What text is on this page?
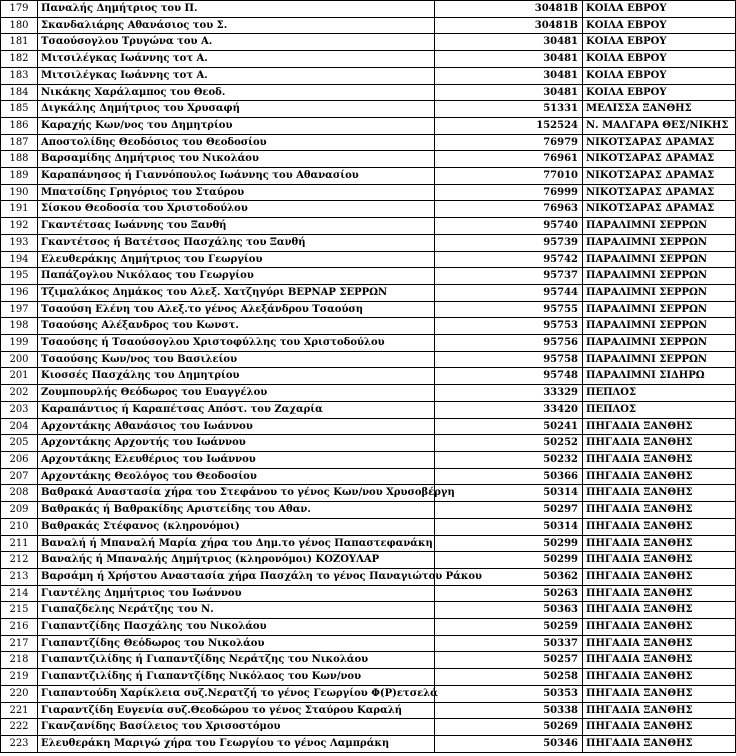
179	Παναλής Δημήτριος του Π.	30481Β	ΚΟΙΛΑ ΕΒΡΟΥ
180	Σκανδαλιάρης Αθανάσιος του Σ.	30481Β	ΚΟΙΛΑ ΕΒΡΟΥ
181	Τσαούσογλου Τρυγώνα του Α.	30481	ΚΟΙΛΑ ΕΒΡΟΥ
182	Μιτσιλέγκας Ιωάννης τοτ Α.	30481	ΚΟΙΛΑ ΕΒΡΟΥ
183	Μιτσιλέγκας Ιωάννης τοτ Α.	30481	ΚΟΙΛΑ ΕΒΡΟΥ
184	Νικάκης Χαράλαμπος του Θεοδ.	30481	ΚΟΙΛΑ ΕΒΡΟΥ
185	Διγκάλης Δημήτριος του Χρυσαφή	51331	ΜΕΛΙΣΣΑ ΞΑΝΘΗΣ
186	Καραχής Κων/νος του Δημητρίου	152524	Ν. ΜΑΛΓΑΡΑ ΘΕΣ/ΝΙΚΗΣ
187	Αποστολίδης Θεοδόσιος του Θεοδοσίου	76979	ΝΙΚΟΤΣΑΡΑΣ ΔΡΑΜΑΣ
188	Βαρσαμίδης Δημήτριος του Νικολάου	76961	ΝΙΚΟΤΣΑΡΑΣ ΔΡΑΜΑΣ
189	Καραπάνησος ή Γιαννόπουλος Ιωάννης του Αθανασίου	77010	ΝΙΚΟΤΣΑΡΑΣ ΔΡΑΜΑΣ
190	Μπατσίδης Γρηγόριος του Σταύρου	76999	ΝΙΚΟΤΣΑΡΑΣ ΔΡΑΜΑΣ
191	Σίσκου Θεοδοσία του Χριστοδούλου	76963	ΝΙΚΟΤΣΑΡΑΣ ΔΡΑΜΑΣ
192	Γκαντέτσας Ιωάννης του Ξανθή	95740	ΠΑΡΑΛΙΜΝΙ ΣΕΡΡΩΝ
193	Γκαντέτσος ή Βατέτσος Πασχάλης του Ξανθή	95739	ΠΑΡΑΛΙΜΝΙ ΣΕΡΡΩΝ
194	Ελευθεράκης Δημήτριος του Γεωργίου	95742	ΠΑΡΑΛΙΜΝΙ ΣΕΡΡΩΝ
195	Παπάζογλου Νικόλαος του Γεωργίου	95737	ΠΑΡΑΛΙΜΝΙ ΣΕΡΡΩΝ
196	Τζιμαλάκος Δημάκος του Αλεξ. Χατζηγύρι ΒΕΡΝΑΡ ΣΕΡΡΩΝ	95744	ΠΑΡΑΛΙΜΝΙ ΣΕΡΡΩΝ
197	Τσαούση Ελένη του Αλεξ.το γένος Αλεξάνδρου Τσαούση	95755	ΠΑΡΑΛΙΜΝΙ ΣΕΡΡΩΝ
198	Τσαούσης Αλέξανδρος του Κωνστ.	95753	ΠΑΡΑΛΙΜΝΙ ΣΕΡΡΩΝ
199	Τσαούσης ή Τσαούσογλου Χριστοφύλλης του Χριστοδούλου	95756	ΠΑΡΑΛΙΜΝΙ ΣΕΡΡΩΝ
200	Τσαούσης Κων/νος του Βασιλείου	95758	ΠΑΡΑΛΙΜΝΙ ΣΕΡΡΩΝ
201	Κιοσσές Πασχάλης του Δημητρίου	95748	ΠΑΡΑΛΙΜΝΙ ΣΙΔΗΡΩ
202	Ζουμπουρλής Θεόδωρος του Ευαγγέλου	33329	ΠΕΠΛΟΣ
203	Καραπάντιος ή Καραπέτσας Απόστ. του Ζαχαρία	33420	ΠΕΠΛΟΣ
204	Αρχοντάκης Αθανάσιος του Ιωάννου	50241	ΠΗΓΑΔΙΑ ΞΑΝΘΗΣ
205	Αρχοντάκης Αρχοντής του Ιωάννου	50252	ΠΗΓΑΔΙΑ ΞΑΝΘΗΣ
206	Αρχοντάκης Ελευθέριος του Ιωάννου	50232	ΠΗΓΑΔΙΑ ΞΑΝΘΗΣ
207	Αρχοντάκης Θεολόγος του Θεοδοσίου	50366	ΠΗΓΑΔΙΑ ΞΑΝΘΗΣ
208	Βαθρακά Αναστασία χήρα του Στεφάνου το γένος Κων/νου Χρυσοβέργη	50314	ΠΗΓΑΔΙΑ ΞΑΝΘΗΣ
209	Βαθρακάς ή Βαθρακίδης Αριστείδης του Αθαν.	50297	ΠΗΓΑΔΙΑ ΞΑΝΘΗΣ
210	Βαθρακάς Στέφανος (κληρονόμοι)	50314	ΠΗΓΑΔΙΑ ΞΑΝΘΗΣ
211	Βαναλή ή Μπαναλή Μαρία χήρα του Δημ.το γένος Παπαστεφανάκη	50299	ΠΗΓΑΔΙΑ ΞΑΝΘΗΣ
212	Βαναλής ή Μπαναλής Δημήτριος (κληρονόμοι) ΚΟΖΟΥΛΑΡ	50299	ΠΗΓΑΔΙΑ ΞΑΝΘΗΣ
213	Βαρσάμη ή Χρήστου Αναστασία χήρα Πασχάλη το γένος Παναγιώτου Ράκου	50362	ΠΗΓΑΔΙΑ ΞΑΝΘΗΣ
214	Γιαντέλης Δημήτριος του Ιωάννου	50263	ΠΗΓΑΔΙΑ ΞΑΝΘΗΣ
215	Γιαπαζδελης Νεράτζης του Ν.	50363	ΠΗΓΑΔΙΑ ΞΑΝΘΗΣ
216	Γιαπαντζίδης Πασχάλης του Νικολάου	50259	ΠΗΓΑΔΙΑ ΞΑΝΘΗΣ
217	Γιαπαντζίδης Θεόδωρος του Νικολάου	50337	ΠΗΓΑΔΙΑ ΞΑΝΘΗΣ
218	Γιαπαντζιλίδης ή Γιαπαντζίδης Νεράτζης του Νικολάου	50257	ΠΗΓΑΔΙΑ ΞΑΝΘΗΣ
219	Γιαπαντζιλίδης ή Γιαπαντζίδης Νικόλαος του Κων/νου	50258	ΠΗΓΑΔΙΑ ΞΑΝΘΗΣ
220	Γιαπαντούδη Χαρίκλεια συζ.Νερατζή το γένος Γεωργίου Φ(Ρ)ετσελά	50353	ΠΗΓΑΔΙΑ ΞΑΝΘΗΣ
221	Γιαραντζίδη Ευγενία συζ.Θεοδώρου το γένος Σταύρου Καραλή	50338	ΠΗΓΑΔΙΑ ΞΑΝΘΗΣ
222	Γκανζανίδης Βασίλειος του Χρισοστόμου	50269	ΠΗΓΑΔΙΑ ΞΑΝΘΗΣ
223	Ελευθεράκη Μαριγώ χήρα του Γεωργίου το γένος Λαμπράκη	50346	ΠΗΓΑΔΙΑ ΞΑΝΘΗΣ
